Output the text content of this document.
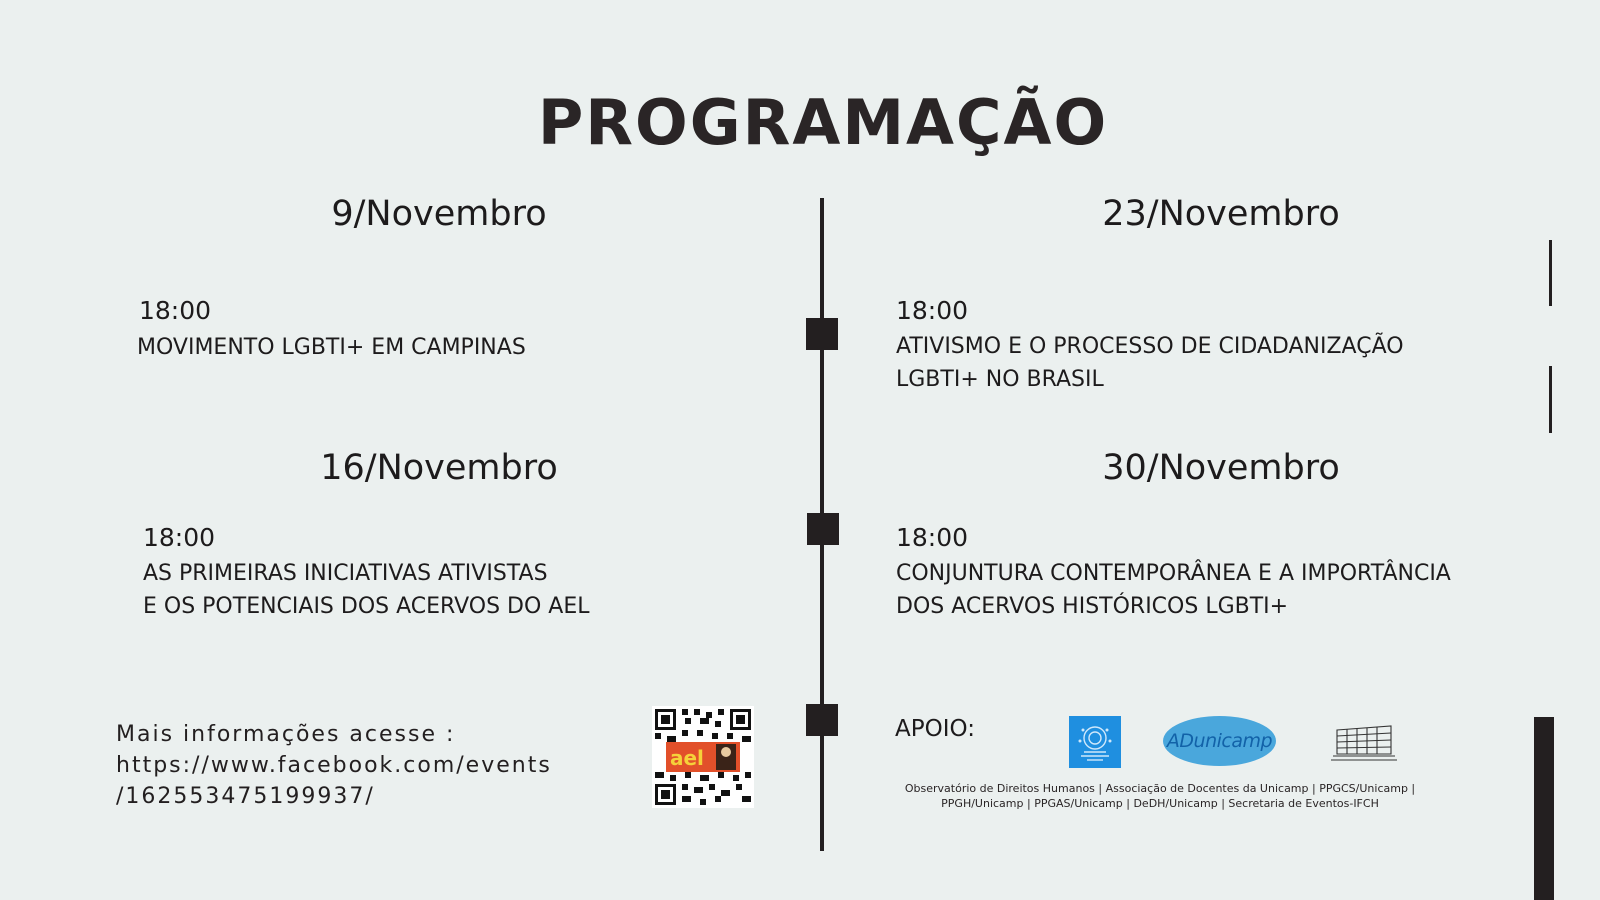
PROGRAMAÇÃO
9/Novembro
18:00
MOVIMENTO LGBTI+ EM CAMPINAS
23/Novembro
18:00
ATIVISMO E O PROCESSO DE CIDADANIZAÇÃO
LGBTI+ NO BRASIL
16/Novembro
18:00
AS PRIMEIRAS INICIATIVAS ATIVISTAS
E OS POTENCIAIS DOS ACERVOS DO AEL
30/Novembro
18:00
CONJUNTURA CONTEMPORÂNEA E A IMPORTÂNCIA
DOS ACERVOS HISTÓRICOS LGBTI+
Mais informações acesse :
https://www.facebook.com/events
/162553475199937/
ael
APOIO:	ADunicamp
Observatório de Direitos Humanos | Associação de Docentes da Unicamp | PPGCS/Unicamp |
PPGH/Unicamp | PPGAS/Unicamp | DeDH/Unicamp | Secretaria de Eventos-IFCH
